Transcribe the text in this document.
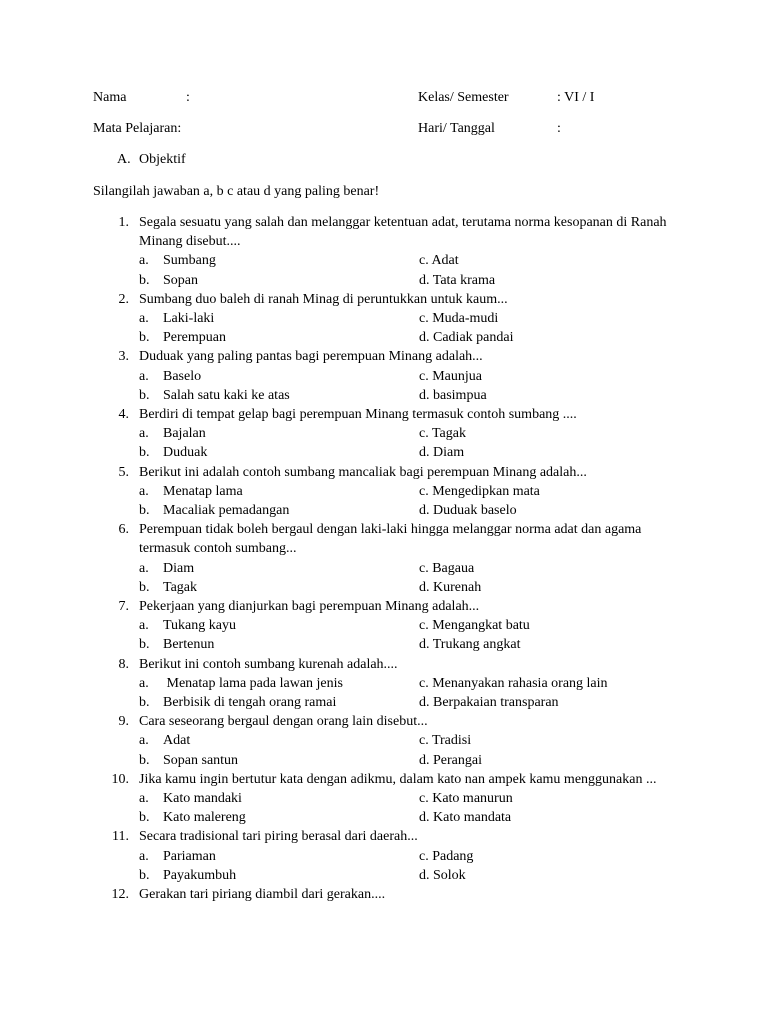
Nama	:	Kelas/ Semester	: VI / I
Mata Pelajaran:	Hari/ Tanggal	:
A. Objektif
Silangilah jawaban a, b c atau d yang paling benar!
1. Segala sesuatu yang salah dan melanggar ketentuan adat, terutama norma kesopanan di Ranah Minang disebut....
a. Sumbang
b. Sopan
c. Adat
d. Tata krama
2. Sumbang duo baleh di ranah Minag di peruntukkan untuk kaum...
a. Laki-laki
b. Perempuan
c. Muda-mudi
d. Cadiak pandai
3. Duduak yang paling pantas bagi perempuan Minang adalah...
a. Baselo
b. Salah satu kaki ke atas
c. Maunjua
d. basimpua
4. Berdiri di tempat gelap bagi perempuan Minang termasuk contoh sumbang ....
a. Bajalan
b. Duduak
c. Tagak
d. Diam
5. Berikut ini adalah contoh sumbang mancaliak bagi perempuan Minang adalah...
a. Menatap lama
b. Macaliak pemadangan
c. Mengedipkan mata
d. Duduak baselo
6. Perempuan tidak boleh bergaul dengan laki-laki hingga melanggar norma adat dan agama termasuk contoh sumbang...
a. Diam
b. Tagak
c. Bagaua
d. Kurenah
7. Pekerjaan yang dianjurkan bagi perempuan Minang adalah...
a. Tukang kayu
b. Bertenun
c. Mengangkat batu
d. Trukang angkat
8. Berikut ini contoh sumbang kurenah adalah....
a. Menatap lama pada lawan jenis
b. Berbisik di tengah orang ramai
c. Menanyakan rahasia orang lain
d. Berpakaian transparan
9. Cara seseorang bergaul dengan orang lain disebut...
a. Adat
b. Sopan santun
c. Tradisi
d. Perangai
10. Jika kamu ingin bertutur kata dengan adikmu, dalam kato nan ampek kamu menggunakan ...
a. Kato mandaki
b. Kato malereng
c. Kato manurun
d. Kato mandata
11. Secara tradisional tari piring berasal dari daerah...
a. Pariaman
b. Payakumbuh
c. Padang
d. Solok
12. Gerakan tari piriang diambil dari gerakan....
